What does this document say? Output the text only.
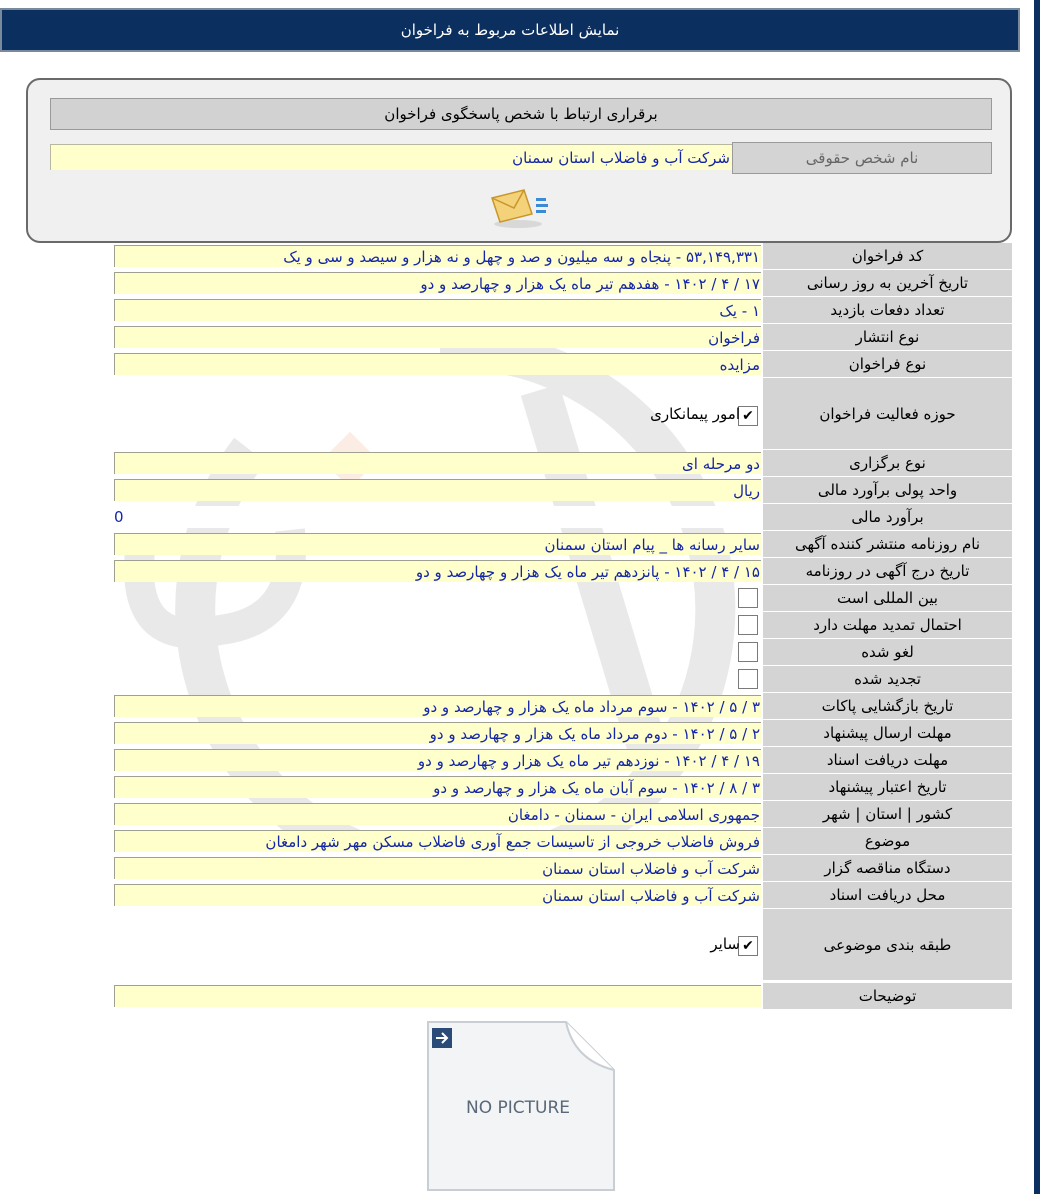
نمایش اطلاعات مربوط به فراخوان
برقراری ارتباط با شخص پاسخگوی فراخوان
نام شخص حقوقی
شرکت آب و فاضلاب استان سمنان
کد فراخوان
۵۳,۱۴۹,۳۳۱ - پنجاه و سه میلیون و صد و چهل و نه هزار و سیصد و سی و یک
تاریخ آخرین به روز رسانی
۱۷ / ۴ / ۱۴۰۲ - هفدهم تیر ماه یک هزار و چهارصد و دو
تعداد دفعات بازدید
۱ - یک
نوع انتشار
فراخوان
نوع فراخوان
مزایده
حوزه فعالیت فراخوان
✔
امور پیمانکاری
نوع برگزاری
دو مرحله ای
واحد پولی برآورد مالی
ریال
برآورد مالی
0
نام روزنامه منتشر کننده آگهی
سایر رسانه ها _ پیام استان سمنان
تاریخ درج آگهی در روزنامه
۱۵ / ۴ / ۱۴۰۲ - پانزدهم تیر ماه یک هزار و چهارصد و دو
بین المللی است
احتمال تمدید مهلت دارد
لغو شده
تجدید شده
تاریخ بازگشایی پاکات
۳ / ۵ / ۱۴۰۲ - سوم مرداد ماه یک هزار و چهارصد و دو
مهلت ارسال پیشنهاد
۲ / ۵ / ۱۴۰۲ - دوم مرداد ماه یک هزار و چهارصد و دو
مهلت دریافت اسناد
۱۹ / ۴ / ۱۴۰۲ - نوزدهم تیر ماه یک هزار و چهارصد و دو
تاریخ اعتبار پیشنهاد
۳ / ۸ / ۱۴۰۲ - سوم آبان ماه یک هزار و چهارصد و دو
کشور | استان | شهر
جمهوری اسلامی ایران - سمنان - دامغان
موضوع
فروش فاضلاب خروجی از تاسیسات جمع آوری فاضلاب مسکن مهر شهر دامغان
دستگاه مناقصه گزار
شرکت آب و فاضلاب استان سمنان
محل دریافت اسناد
شرکت آب و فاضلاب استان سمنان
طبقه بندی موضوعی
✔
سایر
توضیحات
NO PICTURE
